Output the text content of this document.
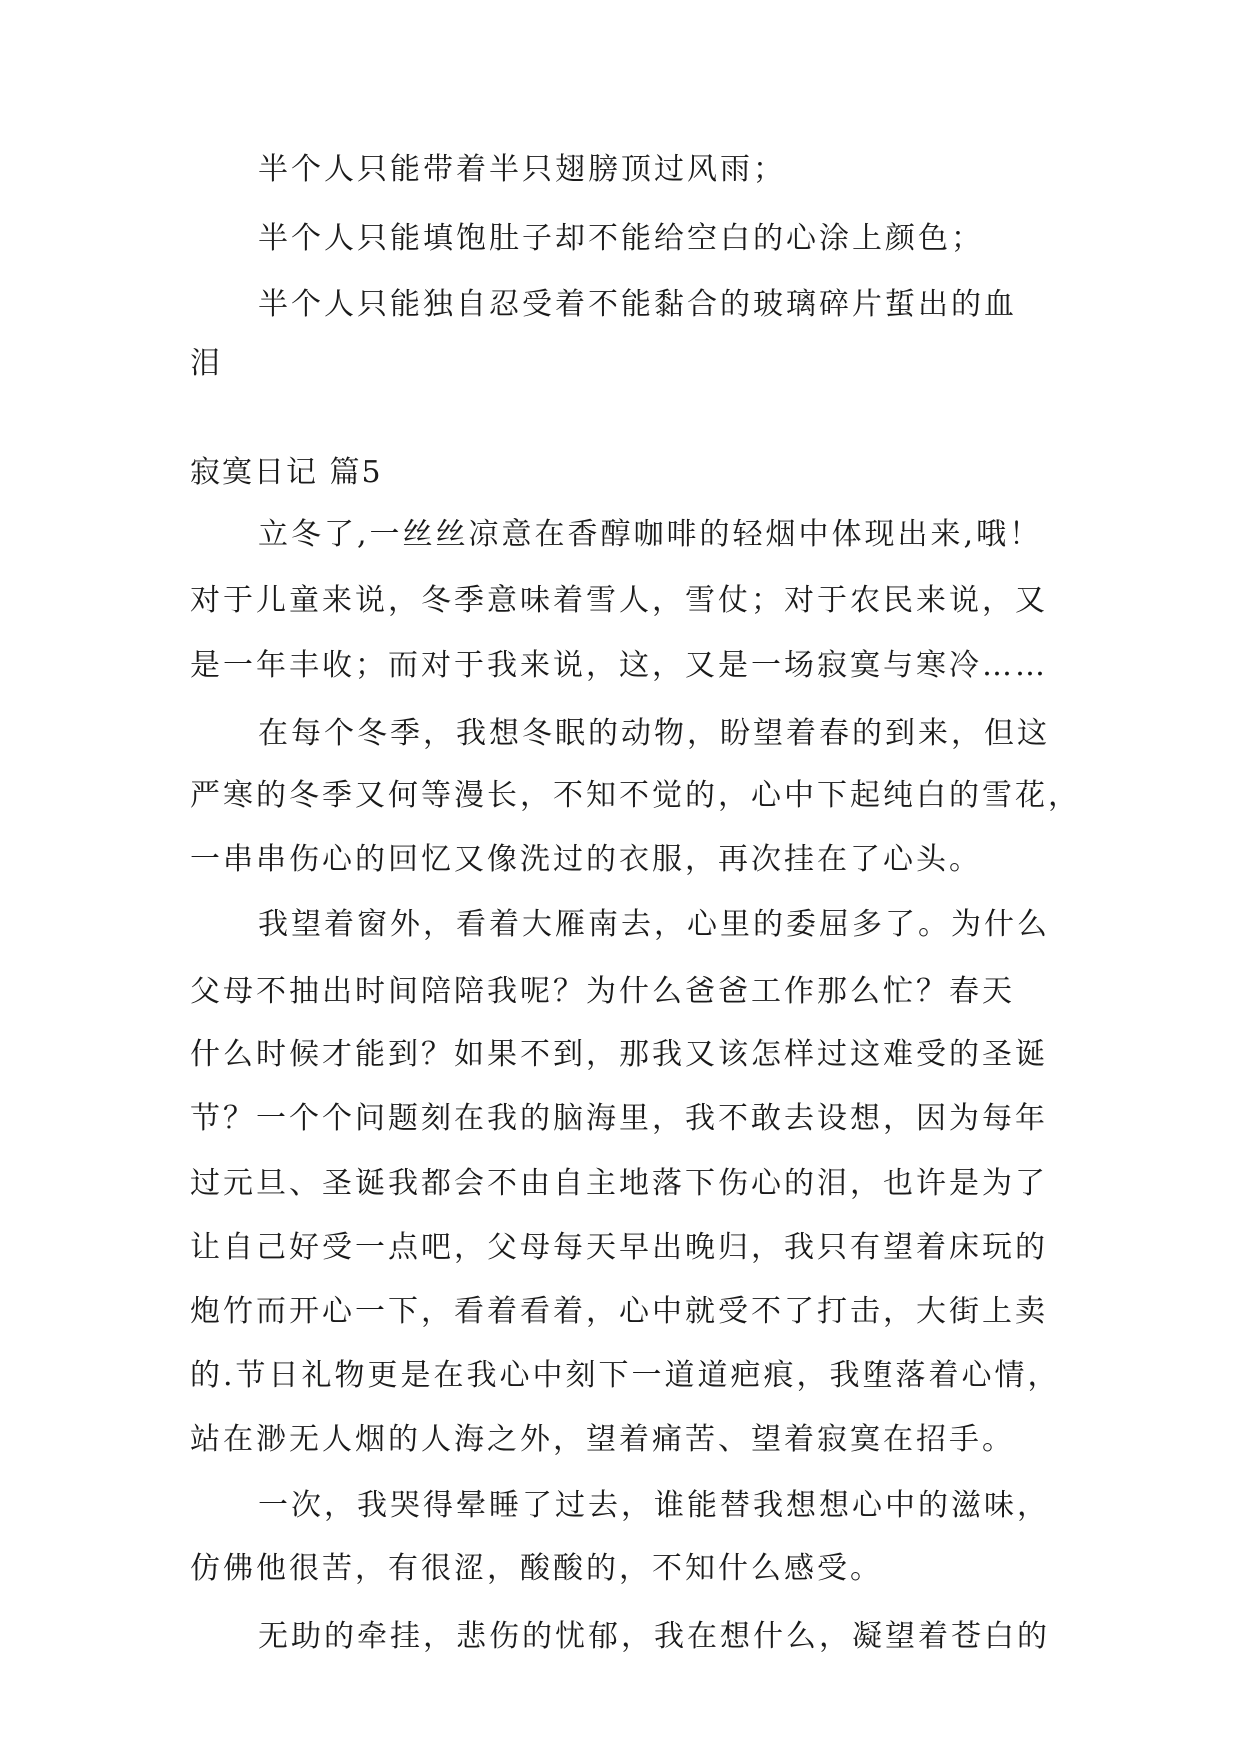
半个人只能带着半只翅膀顶过风雨；
半个人只能填饱肚子却不能给空白的心涂上颜色；
半个人只能独自忍受着不能黏合的玻璃碎片蜇出的血
泪
寂寞日记 篇5
立冬了,一丝丝凉意在香醇咖啡的轻烟中体现出来,哦！
对于儿童来说，冬季意味着雪人，雪仗；对于农民来说，又
是一年丰收；而对于我来说，这，又是一场寂寞与寒冷……
在每个冬季，我想冬眠的动物，盼望着春的到来，但这
严寒的冬季又何等漫长，不知不觉的，心中下起纯白的雪花，
一串串伤心的回忆又像洗过的衣服，再次挂在了心头。
我望着窗外，看着大雁南去，心里的委屈多了。为什么
父母不抽出时间陪陪我呢？为什么爸爸工作那么忙？春天
什么时候才能到？如果不到，那我又该怎样过这难受的圣诞
节？一个个问题刻在我的脑海里，我不敢去设想，因为每年
过元旦、圣诞我都会不由自主地落下伤心的泪，也许是为了
让自己好受一点吧，父母每天早出晚归，我只有望着床玩的
炮竹而开心一下，看着看着，心中就受不了打击，大街上卖
的.节日礼物更是在我心中刻下一道道疤痕，我堕落着心情，
站在渺无人烟的人海之外，望着痛苦、望着寂寞在招手。
一次，我哭得晕睡了过去，谁能替我想想心中的滋味，
仿佛他很苦，有很涩，酸酸的，不知什么感受。
无助的牵挂，悲伤的忧郁，我在想什么，凝望着苍白的
